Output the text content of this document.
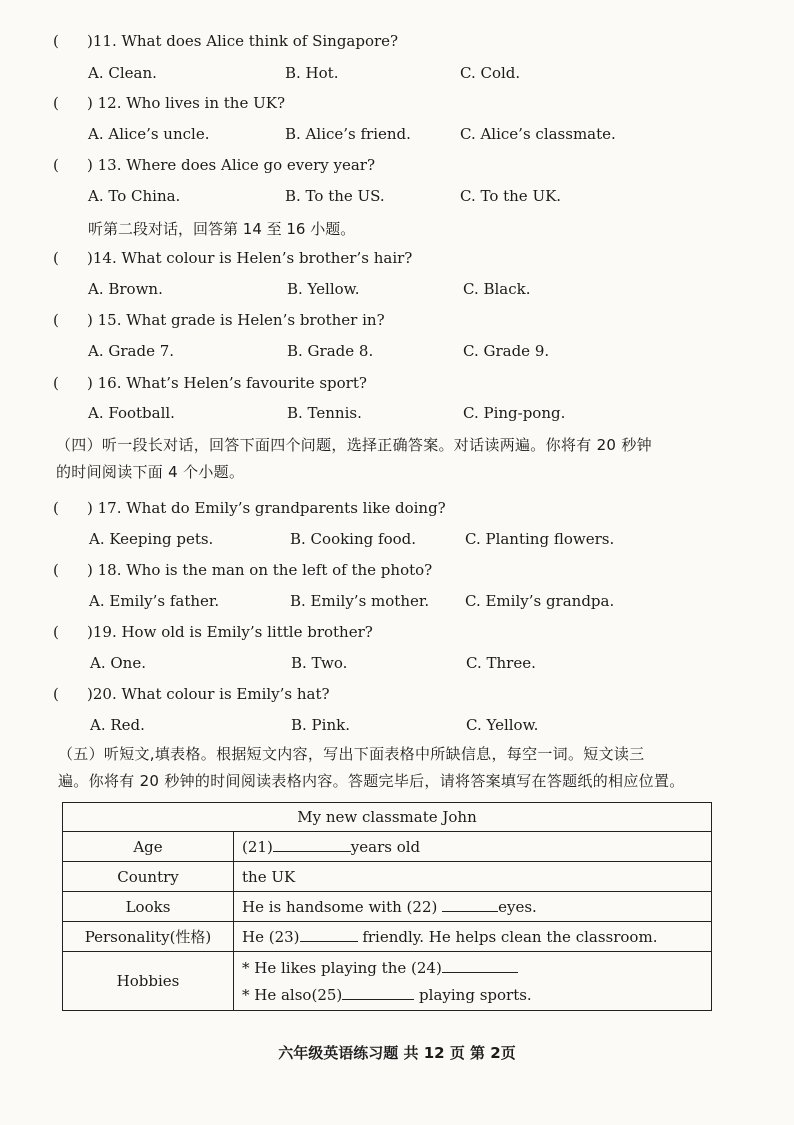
( )11. What does Alice think of Singapore?
A. Clean.	B. Hot.	C. Cold.
( ) 12. Who lives in the UK?
A. Alice’s uncle.	B. Alice’s friend.	C. Alice’s classmate.
( ) 13. Where does Alice go every year?
A. To China.	B. To the US.	C. To the UK.
听第二段对话，回答第 14 至 16 小题。
( )14. What colour is Helen’s brother’s hair?
A. Brown.	B. Yellow.	C. Black.
( ) 15. What grade is Helen’s brother in?
A. Grade 7.	B. Grade 8.	C. Grade 9.
( ) 16. What’s Helen’s favourite sport?
A. Football.	B. Tennis.	C. Ping-pong.
（四）听一段长对话，回答下面四个问题，选择正确答案。对话读两遍。你将有 20 秒钟
的时间阅读下面 4 个小题。
( ) 17. What do Emily’s grandparents like doing?
A. Keeping pets.	B. Cooking food.	C. Planting flowers.
( ) 18. Who is the man on the left of the photo?
A. Emily’s father.	B. Emily’s mother. C. Emily’s grandpa.
( )19. How old is Emily’s little brother?
A. One.	B. Two.	C. Three.
( )20. What colour is Emily’s hat?
A. Red.	B. Pink.	C. Yellow.
（五）听短文,填表格。根据短文内容，写出下面表格中所缺信息，每空一词。短文读三
遍。你将有 20 秒钟的时间阅读表格内容。答题完毕后，请将答案填写在答题纸的相应位置。
My new classmate John	
Age	(21) years old
Country	the UK
Looks	He is handsome with (22) eyes.
Personality(性格)	He (23) friendly. He helps clean the classroom.
Hobbies	* He likes playing the (24)
* He also(25) playing sports.
六年级英语练习题 共 12 页 第 2页
